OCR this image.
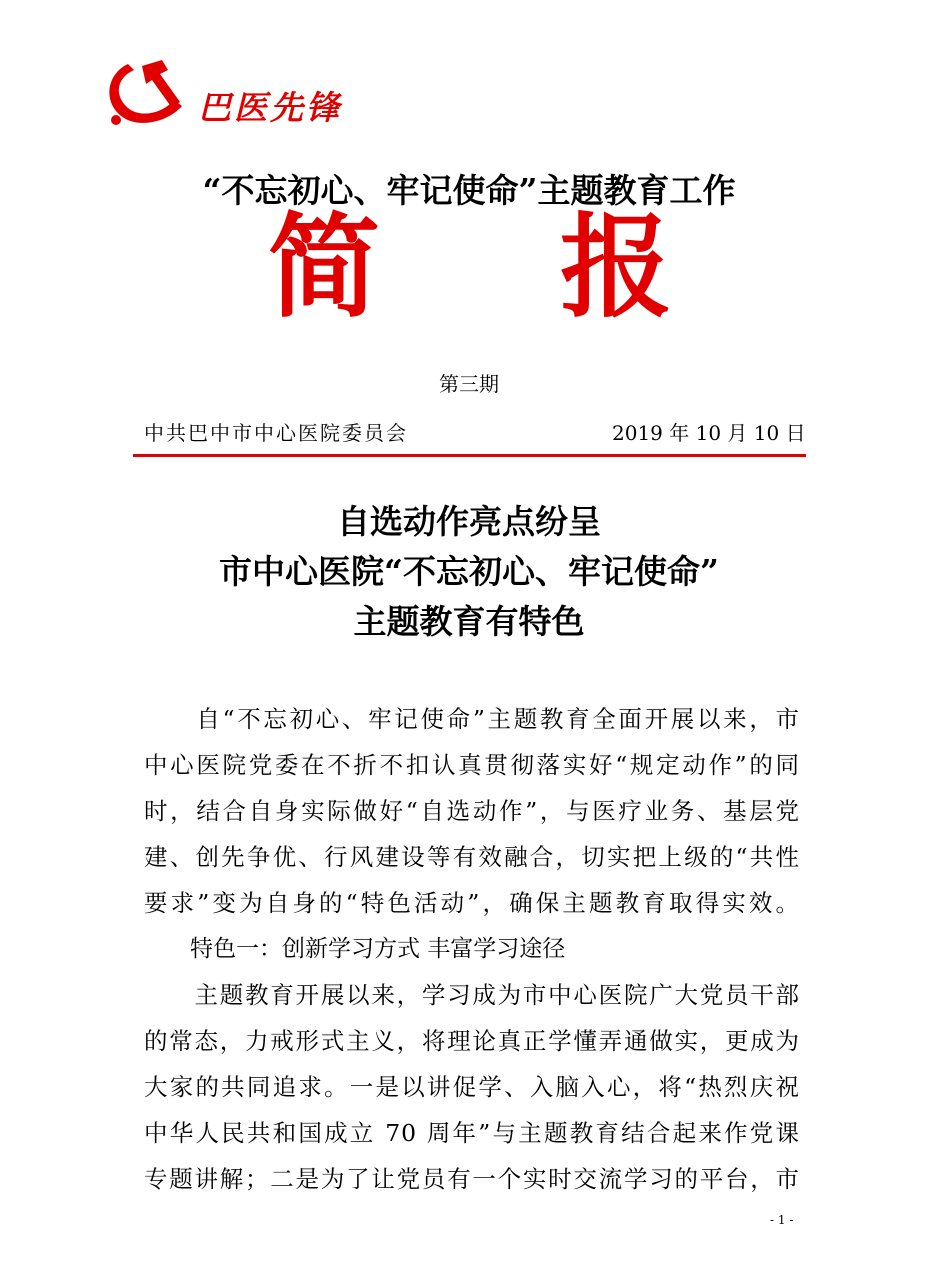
巴医先锋
“不忘初心、牢记使命”主题教育工作
简 报
第三期
中共巴中市中心医院委员会	2019 年 10 月 10 日
自选动作亮点纷呈
市中心医院“不忘初心、牢记使命”
主题教育有特色
　　自“不忘初心、牢记使命”主题教育全面开展以来，市
中心医院党委在不折不扣认真贯彻落实好“规定动作”的同
时，结合自身实际做好“自选动作”，与医疗业务、基层党
建、创先争优、行风建设等有效融合，切实把上级的“共性
要求”变为自身的“特色活动”，确保主题教育取得实效。
特色一：创新学习方式 丰富学习途径
　　主题教育开展以来，学习成为市中心医院广大党员干部
的常态，力戒形式主义，将理论真正学懂弄通做实，更成为
大家的共同追求。一是以讲促学、入脑入心，将“热烈庆祝
中华人民共和国成立 70 周年”与主题教育结合起来作党课
专题讲解；二是为了让党员有一个实时交流学习的平台，市
- 1 -
